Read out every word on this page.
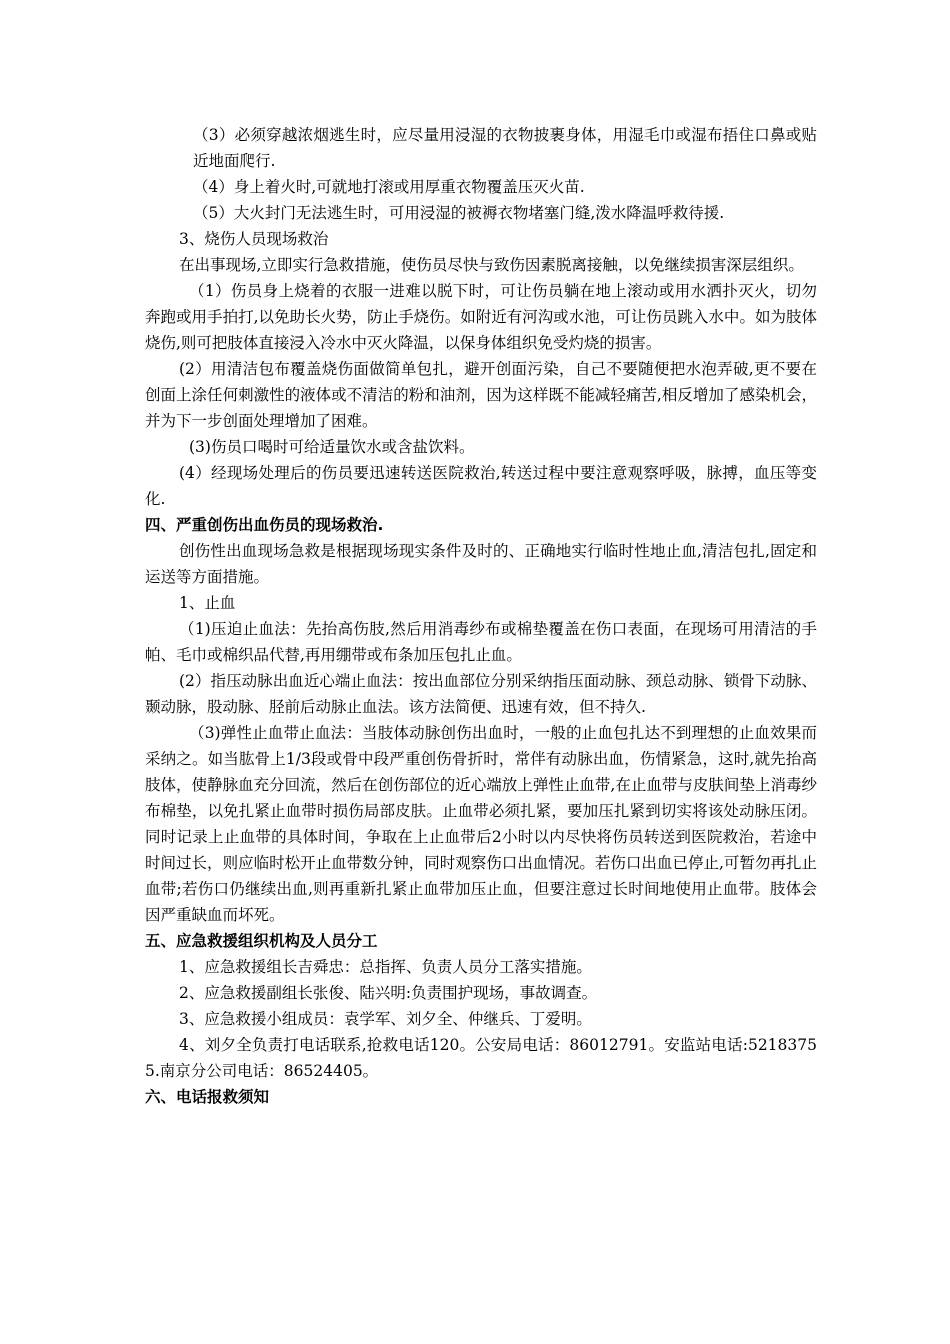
（3）必须穿越浓烟逃生时，应尽量用浸湿的衣物披裹身体，用湿毛巾或湿布捂住口鼻或贴近地面爬行.

（4）身上着火时,可就地打滚或用厚重衣物覆盖压灭火苗.

（5）大火封门无法逃生时，可用浸湿的被褥衣物堵塞门缝,泼水降温呼救待援.

3、烧伤人员现场救治

在出事现场,立即实行急救措施，使伤员尽快与致伤因素脱离接触，以免继续损害深层组织。

（1）伤员身上烧着的衣服一进难以脱下时，可让伤员躺在地上滚动或用水洒扑灭火，切勿奔跑或用手拍打,以免助长火势，防止手烧伤。如附近有河沟或水池，可让伤员跳入水中。如为肢体烧伤,则可把肢体直接浸入冷水中灭火降温，以保身体组织免受灼烧的损害。

(2）用清洁包布覆盖烧伤面做简单包扎，避开创面污染，自己不要随便把水泡弄破,更不要在创面上涂任何刺激性的液体或不清洁的粉和油剂，因为这样既不能减轻痛苦,相反增加了感染机会，并为下一步创面处理增加了困难。

(3)伤员口喝时可给适量饮水或含盐饮料。

(4）经现场处理后的伤员要迅速转送医院救治,转送过程中要注意观察呼吸，脉搏，血压等变化.

四、严重创伤出血伤员的现场救治.

创伤性出血现场急救是根据现场现实条件及时的、正确地实行临时性地止血,清洁包扎,固定和运送等方面措施。

1、止血

（1)压迫止血法：先抬高伤肢,然后用消毒纱布或棉垫覆盖在伤口表面，在现场可用清洁的手帕、毛巾或棉织品代替,再用绷带或布条加压包扎止血。

(2）指压动脉出血近心端止血法：按出血部位分别采纳指压面动脉、颈总动脉、锁骨下动脉、颞动脉，股动脉、胫前后动脉止血法。该方法简便、迅速有效，但不持久.

（3)弹性止血带止血法：当肢体动脉创伤出血时，一般的止血包扎达不到理想的止血效果而采纳之。如当肱骨上1/3段或骨中段严重创伤骨折时，常伴有动脉出血，伤情紧急，这时,就先抬高肢体，使静脉血充分回流，然后在创伤部位的近心端放上弹性止血带,在止血带与皮肤间垫上消毒纱布棉垫，以免扎紧止血带时损伤局部皮肤。止血带必须扎紧，要加压扎紧到切实将该处动脉压闭。同时记录上止血带的具体时间，争取在上止血带后2小时以内尽快将伤员转送到医院救治，若途中时间过长，则应临时松开止血带数分钟，同时观察伤口出血情况。若伤口出血已停止,可暂勿再扎止血带;若伤口仍继续出血,则再重新扎紧止血带加压止血，但要注意过长时间地使用止血带。肢体会因严重缺血而坏死。

五、应急救援组织机构及人员分工

1、应急救援组长吉舜忠：总指挥、负责人员分工落实措施。

2、应急救援副组长张俊、陆兴明:负责围护现场，事故调查。

3、应急救援小组成员：袁学军、刘夕全、仲继兵、丁爱明。

4、刘夕全负责打电话联系,抢救电话120。公安局电话：86012791。安监站电话:52183755.南京分公司电话：86524405。

六、电话报救须知
